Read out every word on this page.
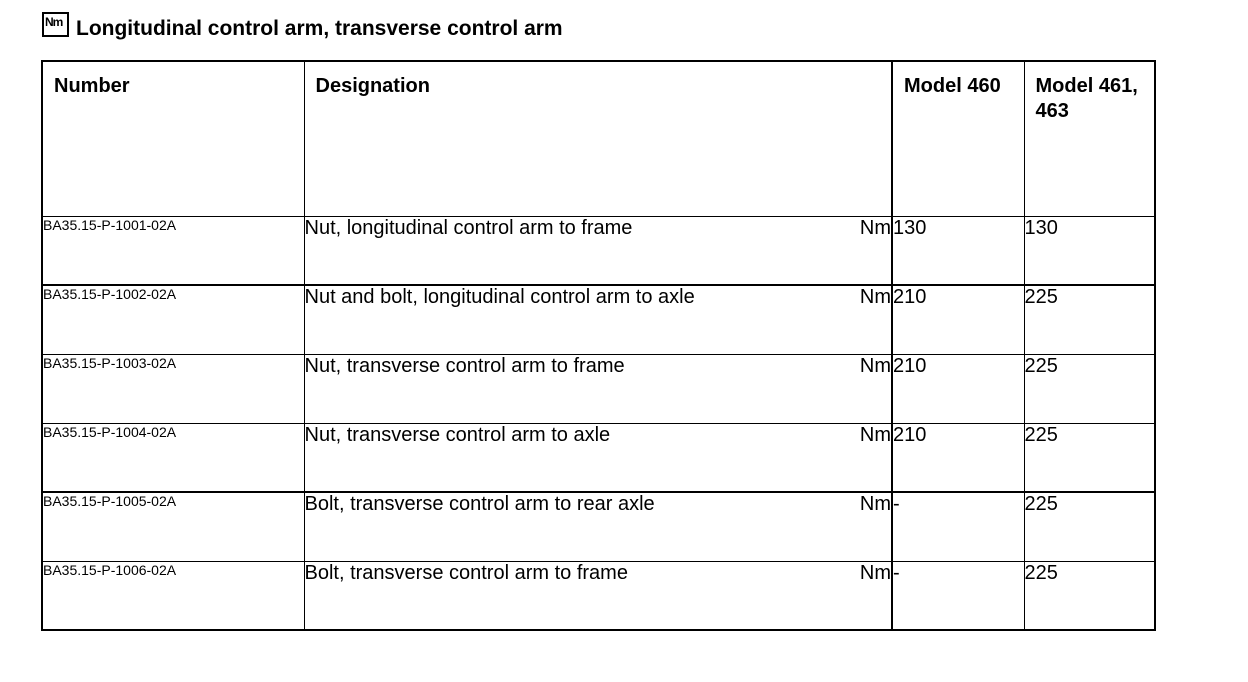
Nm Longitudinal control arm, transverse control arm
Number	Designation	Model 460	Model 461, 463
BA35.15-P-1001-02A	Nut, longitudinal control arm to frame Nm	130	130
BA35.15-P-1002-02A	Nut and bolt, longitudinal control arm to axle Nm	210	225
BA35.15-P-1003-02A	Nut, transverse control arm to frame Nm	210	225
BA35.15-P-1004-02A	Nut, transverse control arm to axle Nm	210	225
BA35.15-P-1005-02A	Bolt, transverse control arm to rear axle Nm	-	225
BA35.15-P-1006-02A	Bolt, transverse control arm to frame Nm	-	225
